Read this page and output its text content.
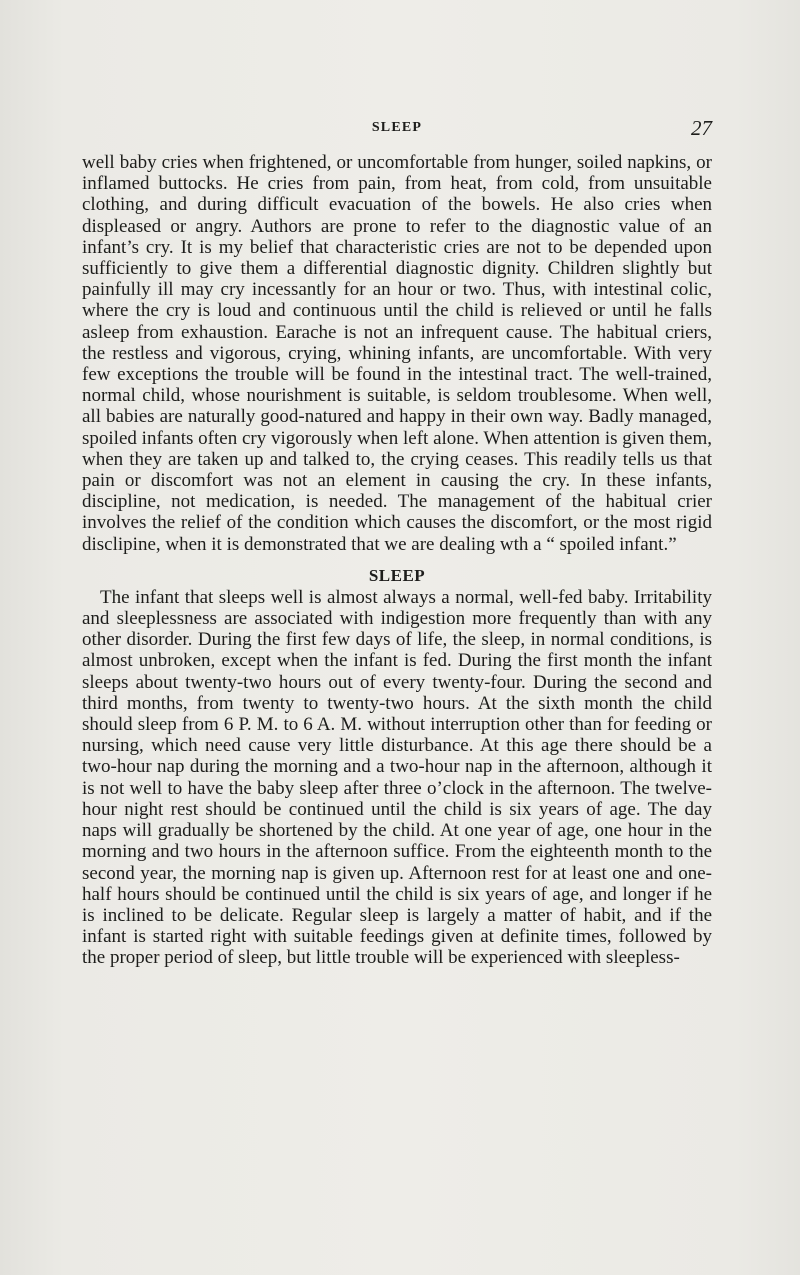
SLEEP	27

well baby cries when frightened, or uncomfortable from hunger, soiled napkins, or inflamed buttocks. He cries from pain, from heat, from cold, from unsuitable clothing, and during difficult evacuation of the bowels. He also cries when displeased or angry. Authors are prone to refer to the diagnostic value of an infant’s cry. It is my belief that characteristic cries are not to be depended upon sufficiently to give them a differential diagnostic dignity. Children slightly but painfully ill may cry incessantly for an hour or two. Thus, with intestinal colic, where the cry is loud and continuous until the child is relieved or until he falls asleep from exhaustion. Earache is not an infrequent cause. The habitual criers, the restless and vigorous, crying, whining infants, are uncomfortable. With very few exceptions the trouble will be found in the intestinal tract. The well-trained, normal child, whose nourishment is suitable, is seldom troublesome. When well, all babies are naturally good-natured and happy in their own way. Badly managed, spoiled infants often cry vigorously when left alone. When attention is given them, when they are taken up and talked to, the crying ceases. This readily tells us that pain or discomfort was not an element in causing the cry. In these infants, discipline, not medication, is needed. The management of the habitual crier involves the relief of the condition which causes the discomfort, or the most rigid disclipine, when it is demonstrated that we are dealing wth a “ spoiled infant.”

SLEEP

The infant that sleeps well is almost always a normal, well-fed baby. Irritability and sleeplessness are associated with indigestion more frequently than with any other disorder. During the first few days of life, the sleep, in normal conditions, is almost unbroken, except when the infant is fed. During the first month the infant sleeps about twenty-two hours out of every twenty-four. During the second and third months, from twenty to twenty-two hours. At the sixth month the child should sleep from 6 P. M. to 6 A. M. without interruption other than for feeding or nursing, which need cause very little disturbance. At this age there should be a two-hour nap during the morning and a two-hour nap in the afternoon, although it is not well to have the baby sleep after three o’clock in the afternoon. The twelve-hour night rest should be continued until the child is six years of age. The day naps will gradually be shortened by the child. At one year of age, one hour in the morning and two hours in the afternoon suffice. From the eighteenth month to the second year, the morning nap is given up. Afternoon rest for at least one and one-half hours should be continued until the child is six years of age, and longer if he is inclined to be delicate. Regular sleep is largely a matter of habit, and if the infant is started right with suitable feedings given at definite times, followed by the proper period of sleep, but little trouble will be experienced with sleepless-
